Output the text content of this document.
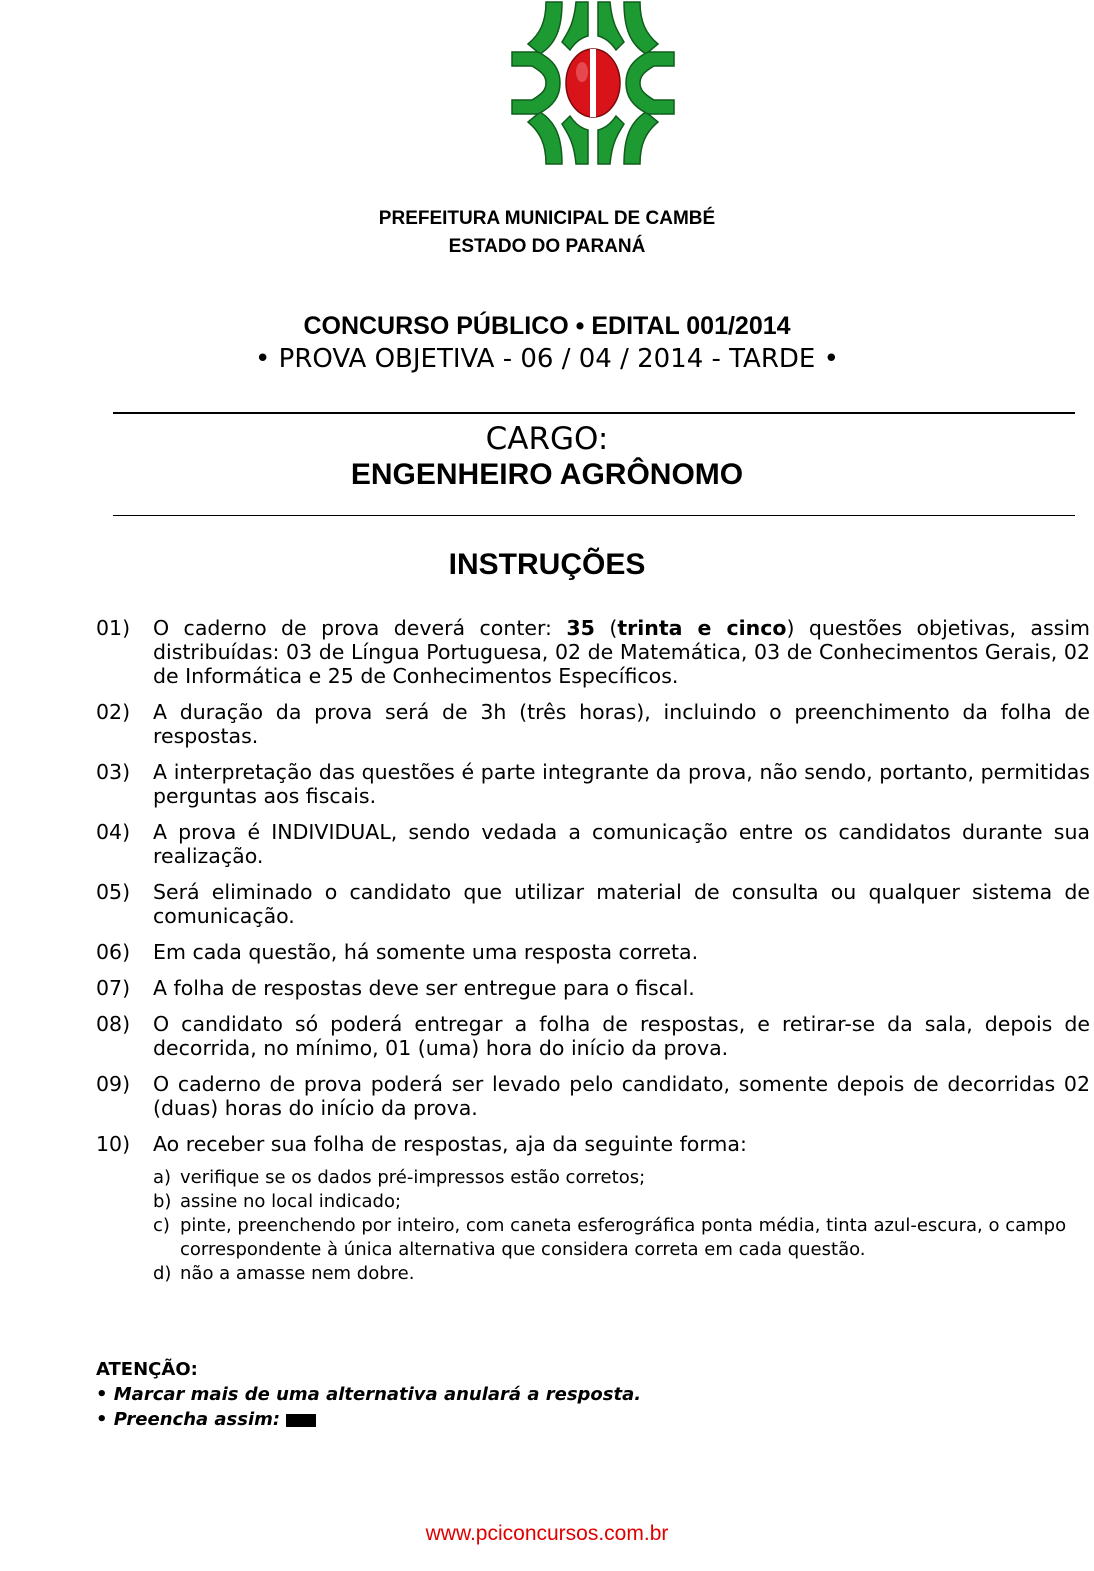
PREFEITURA MUNICIPAL DE CAMBÉ
ESTADO DO PARANÁ
CONCURSO PÚBLICO • EDITAL 001/2014
• PROVA OBJETIVA - 06 / 04 / 2014 - TARDE •
CARGO:
ENGENHEIRO AGRÔNOMO
INSTRUÇÕES
01)	O caderno de prova deverá conter: 35 (trinta e cinco) questões objetivas, assim distribuídas: 03 de Língua Portuguesa, 02 de Matemática, 03 de Conhecimentos Gerais, 02 de Informática e 25 de Conhecimentos Específicos.
02)	A duração da prova será de 3h (três horas), incluindo o preenchimento da folha de respostas.
03)	A interpretação das questões é parte integrante da prova, não sendo, portanto, permitidas perguntas aos fiscais.
04)	A prova é INDIVIDUAL, sendo vedada a comunicação entre os candidatos durante sua realização.
05)	Será eliminado o candidato que utilizar material de consulta ou qualquer sistema de comunicação.
06)	Em cada questão, há somente uma resposta correta.
07)	A folha de respostas deve ser entregue para o fiscal.
08)	O candidato só poderá entregar a folha de respostas, e retirar-se da sala, depois de decorrida, no mínimo, 01 (uma) hora do início da prova.
09)	O caderno de prova poderá ser levado pelo candidato, somente depois de decorridas 02 (duas) horas do início da prova.
10)	Ao receber sua folha de respostas, aja da seguinte forma:
a) verifique se os dados pré-impressos estão corretos;
b) assine no local indicado;
c) pinte, preenchendo por inteiro, com caneta esferográfica ponta média, tinta azul-escura, o campo correspondente à única alternativa que considera correta em cada questão.
d) não a amasse nem dobre.
ATENÇÃO:
• Marcar mais de uma alternativa anulará a resposta.
• Preencha assim:
www.pciconcursos.com.br
